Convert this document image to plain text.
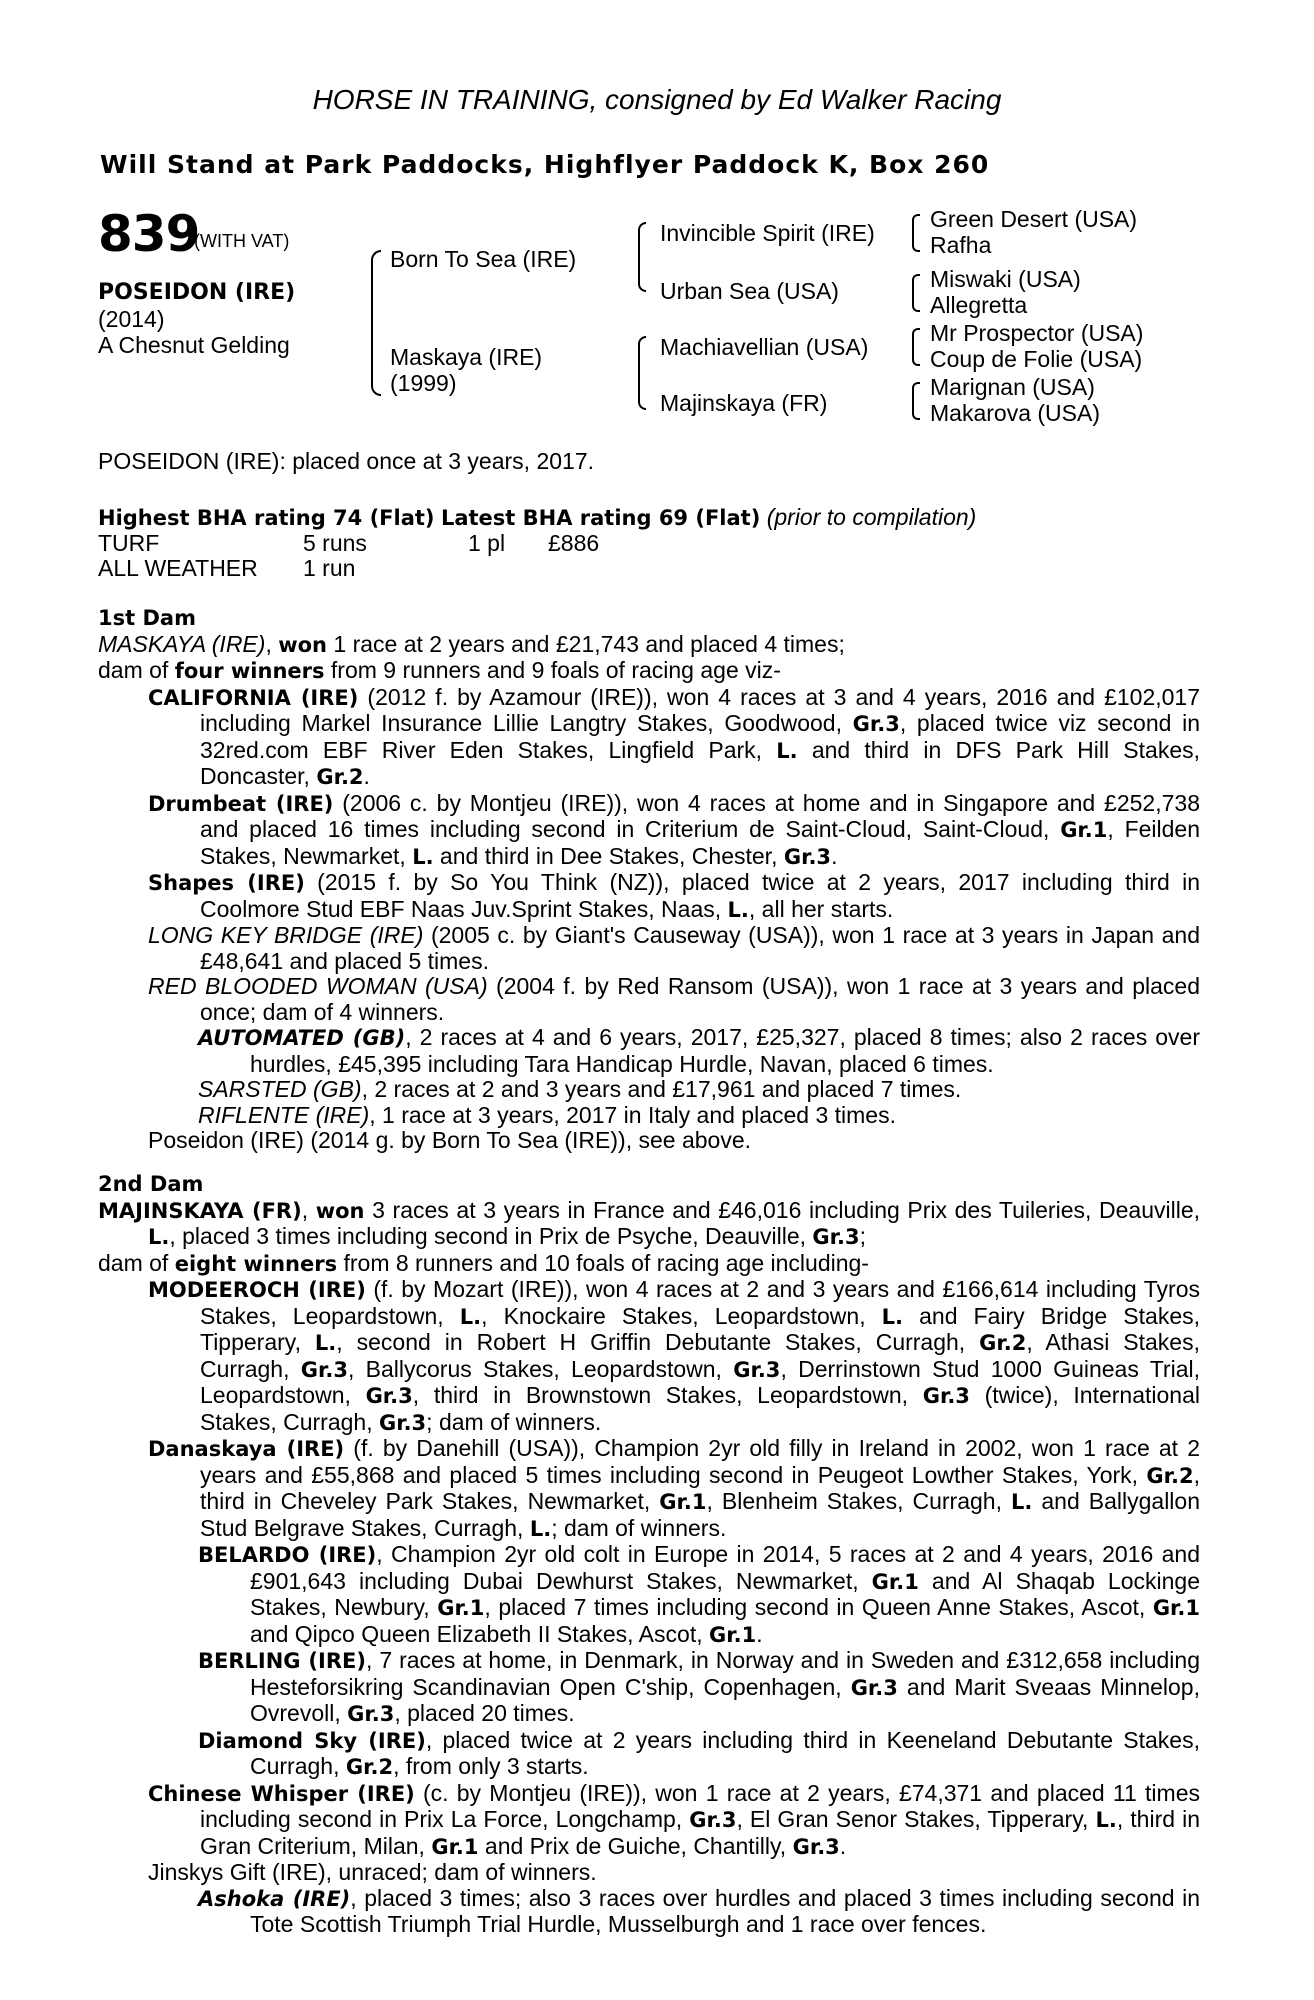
HORSE IN TRAINING, consigned by Ed Walker Racing
Will Stand at Park Paddocks, Highflyer Paddock K, Box 260
839
(WITH VAT)
POSEIDON (IRE)
(2014)
A Chesnut Gelding
Born To Sea (IRE)
Maskaya (IRE)
(1999)
Invincible Spirit (IRE)
Urban Sea (USA)
Machiavellian (USA)
Majinskaya (FR)
Green Desert (USA)
Rafha
Miswaki (USA)
Allegretta
Mr Prospector (USA)
Coup de Folie (USA)
Marignan (USA)
Makarova (USA)
POSEIDON (IRE): placed once at 3 years, 2017.
Highest BHA rating 74 (Flat) Latest BHA rating 69 (Flat) (prior to compilation)
TURF	5 runs	1 pl £886
ALL WEATHER 1 run

1st Dam

MASKAYA (IRE), won 1 race at 2 years and £21,743 and placed 4 times;

dam of four winners from 9 runners and 9 foals of racing age viz-

CALIFORNIA (IRE) (2012 f. by Azamour (IRE)), won 4 races at 3 and 4 years, 2016 and £102,017 including Markel Insurance Lillie Langtry Stakes, Goodwood, Gr.3, placed twice viz second in 32red.com EBF River Eden Stakes, Lingfield Park, L. and third in DFS Park Hill Stakes, Doncaster, Gr.2.

Drumbeat (IRE) (2006 c. by Montjeu (IRE)), won 4 races at home and in Singapore and £252,738 and placed 16 times including second in Criterium de Saint-Cloud, Saint-Cloud, Gr.1, Feilden Stakes, Newmarket, L. and third in Dee Stakes, Chester, Gr.3.

Shapes (IRE) (2015 f. by So You Think (NZ)), placed twice at 2 years, 2017 including third in Coolmore Stud EBF Naas Juv.Sprint Stakes, Naas, L., all her starts.

LONG KEY BRIDGE (IRE) (2005 c. by Giant's Causeway (USA)), won 1 race at 3 years in Japan and £48,641 and placed 5 times.

RED BLOODED WOMAN (USA) (2004 f. by Red Ransom (USA)), won 1 race at 3 years and placed once; dam of 4 winners.

AUTOMATED (GB), 2 races at 4 and 6 years, 2017, £25,327, placed 8 times; also 2 races over hurdles, £45,395 including Tara Handicap Hurdle, Navan, placed 6 times.

SARSTED (GB), 2 races at 2 and 3 years and £17,961 and placed 7 times.

RIFLENTE (IRE), 1 race at 3 years, 2017 in Italy and placed 3 times.

Poseidon (IRE) (2014 g. by Born To Sea (IRE)), see above.

2nd Dam

MAJINSKAYA (FR), won 3 races at 3 years in France and £46,016 including Prix des Tuileries, Deauville, L., placed 3 times including second in Prix de Psyche, Deauville, Gr.3;

dam of eight winners from 8 runners and 10 foals of racing age including-

MODEEROCH (IRE) (f. by Mozart (IRE)), won 4 races at 2 and 3 years and £166,614 including Tyros Stakes, Leopardstown, L., Knockaire Stakes, Leopardstown, L. and Fairy Bridge Stakes, Tipperary, L., second in Robert H Griffin Debutante Stakes, Curragh, Gr.2, Athasi Stakes, Curragh, Gr.3, Ballycorus Stakes, Leopardstown, Gr.3, Derrinstown Stud 1000 Guineas Trial, Leopardstown, Gr.3, third in Brownstown Stakes, Leopardstown, Gr.3 (twice), International Stakes, Curragh, Gr.3; dam of winners.

Danaskaya (IRE) (f. by Danehill (USA)), Champion 2yr old filly in Ireland in 2002, won 1 race at 2 years and £55,868 and placed 5 times including second in Peugeot Lowther Stakes, York, Gr.2, third in Cheveley Park Stakes, Newmarket, Gr.1, Blenheim Stakes, Curragh, L. and Ballygallon Stud Belgrave Stakes, Curragh, L.; dam of winners.

BELARDO (IRE), Champion 2yr old colt in Europe in 2014, 5 races at 2 and 4 years, 2016 and £901,643 including Dubai Dewhurst Stakes, Newmarket, Gr.1 and Al Shaqab Lockinge Stakes, Newbury, Gr.1, placed 7 times including second in Queen Anne Stakes, Ascot, Gr.1 and Qipco Queen Elizabeth II Stakes, Ascot, Gr.1.

BERLING (IRE), 7 races at home, in Denmark, in Norway and in Sweden and £312,658 including Hesteforsikring Scandinavian Open C'ship, Copenhagen, Gr.3 and Marit Sveaas Minnelop, Ovrevoll, Gr.3, placed 20 times.

Diamond Sky (IRE), placed twice at 2 years including third in Keeneland Debutante Stakes, Curragh, Gr.2, from only 3 starts.

Chinese Whisper (IRE) (c. by Montjeu (IRE)), won 1 race at 2 years, £74,371 and placed 11 times including second in Prix La Force, Longchamp, Gr.3, El Gran Senor Stakes, Tipperary, L., third in Gran Criterium, Milan, Gr.1 and Prix de Guiche, Chantilly, Gr.3.

Jinskys Gift (IRE), unraced; dam of winners.

Ashoka (IRE), placed 3 times; also 3 races over hurdles and placed 3 times including second in Tote Scottish Triumph Trial Hurdle, Musselburgh and 1 race over fences.
